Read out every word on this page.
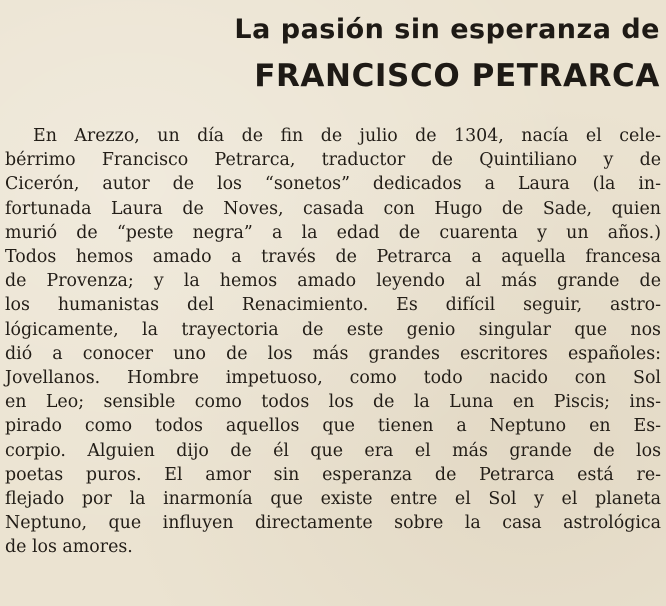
La pasión sin esperanza de
FRANCISCO PETRARCA
En Arezzo, un día de fin de julio de 1304, nacía el cele-
bérrimo Francisco Petrarca, traductor de Quintiliano y de
Cicerón, autor de los “sonetos” dedicados a Laura (la in-
fortunada Laura de Noves, casada con Hugo de Sade, quien
murió de “peste negra” a la edad de cuarenta y un años.)
Todos hemos amado a través de Petrarca a aquella francesa
de Provenza; y la hemos amado leyendo al más grande de
los humanistas del Renacimiento. Es difícil seguir, astro-
lógicamente, la trayectoria de este genio singular que nos
dió a conocer uno de los más grandes escritores españoles:
Jovellanos. Hombre impetuoso, como todo nacido con Sol
en Leo; sensible como todos los de la Luna en Piscis; ins-
pirado como todos aquellos que tienen a Neptuno en Es-
corpio. Alguien dijo de él que era el más grande de los
poetas puros. El amor sin esperanza de Petrarca está re-
flejado por la inarmonía que existe entre el Sol y el planeta
Neptuno, que influyen directamente sobre la casa astrológica
de los amores.
